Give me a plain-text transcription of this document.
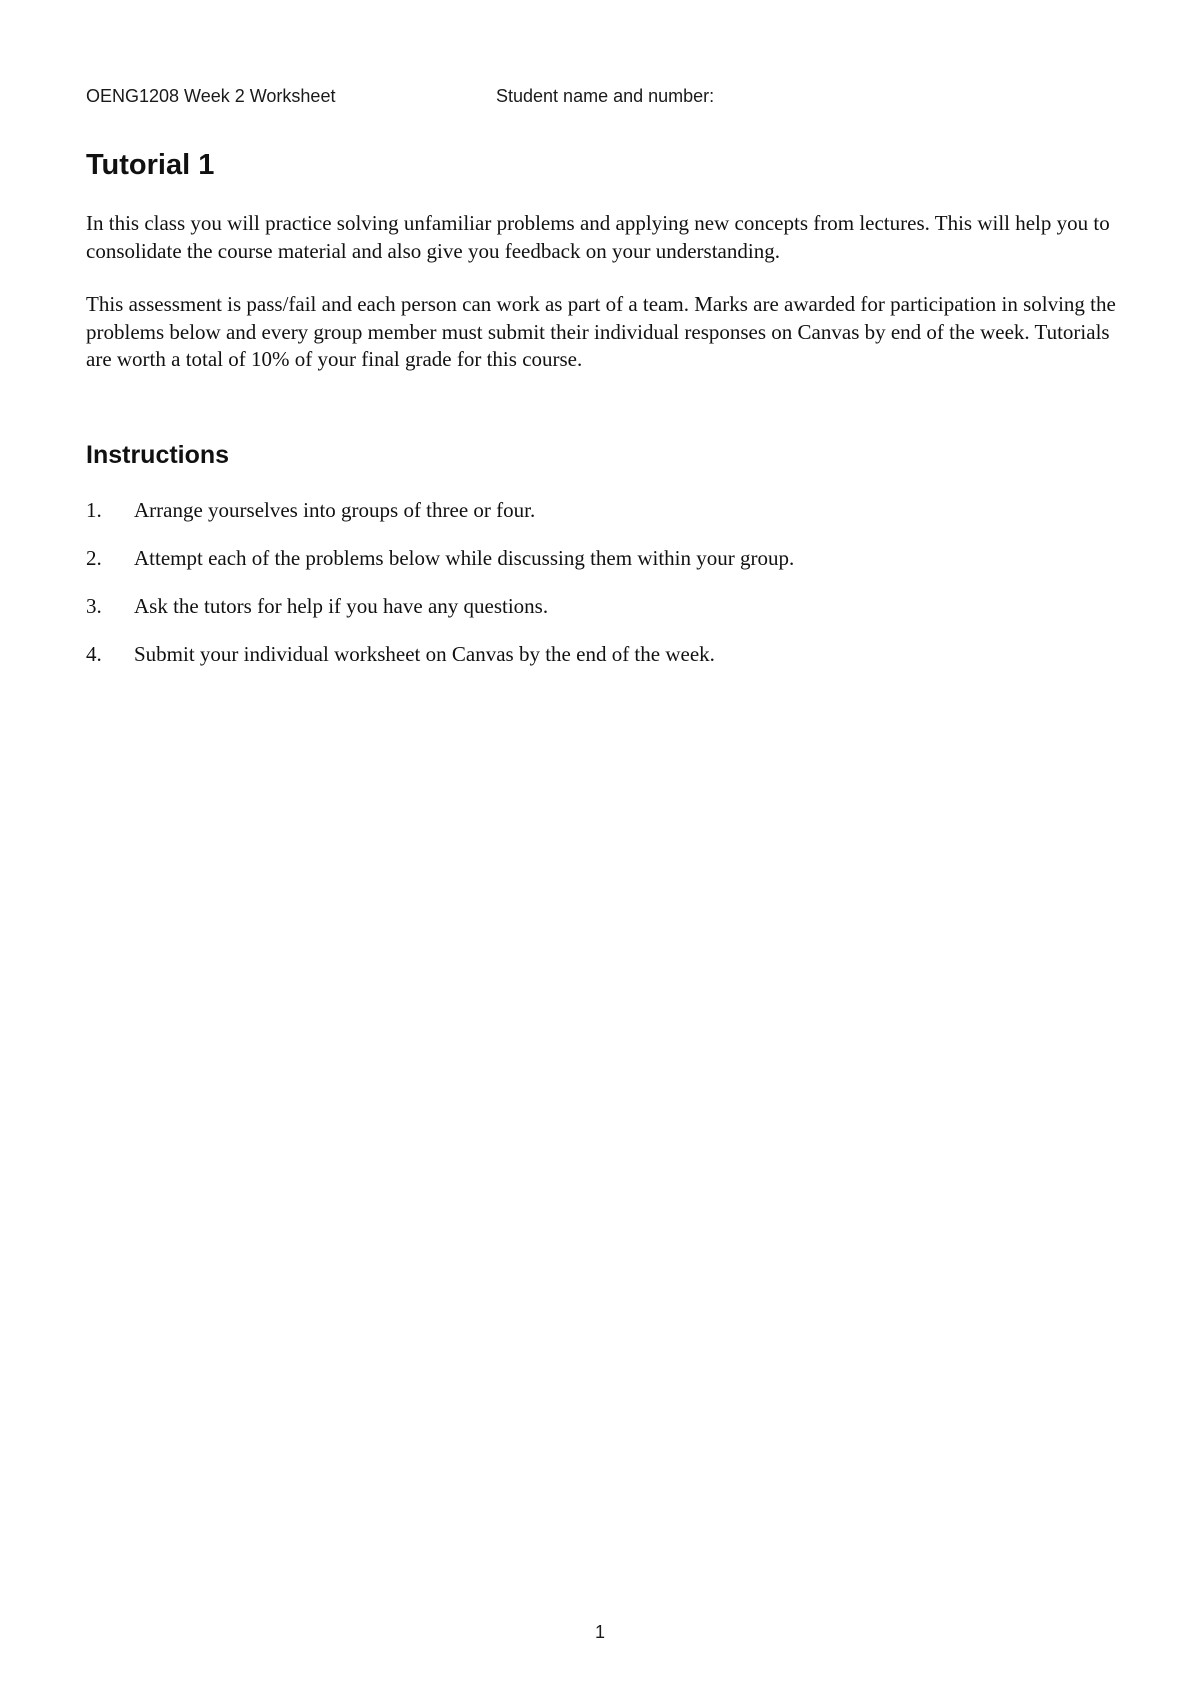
OENG1208 Week 2 Worksheet	Student name and number:
Tutorial 1

In this class you will practice solving unfamiliar problems and applying new concepts from lectures. This will help you to consolidate the course material and also give you feedback on your understanding.

This assessment is pass/fail and each person can work as part of a team. Marks are awarded for participation in solving the problems below and every group member must submit their individual responses on Canvas by end of the week. Tutorials are worth a total of 10% of your final grade for this course.

Instructions
1. Arrange yourselves into groups of three or four.
2. Attempt each of the problems below while discussing them within your group.
3. Ask the tutors for help if you have any questions.
4. Submit your individual worksheet on Canvas by the end of the week.
1
